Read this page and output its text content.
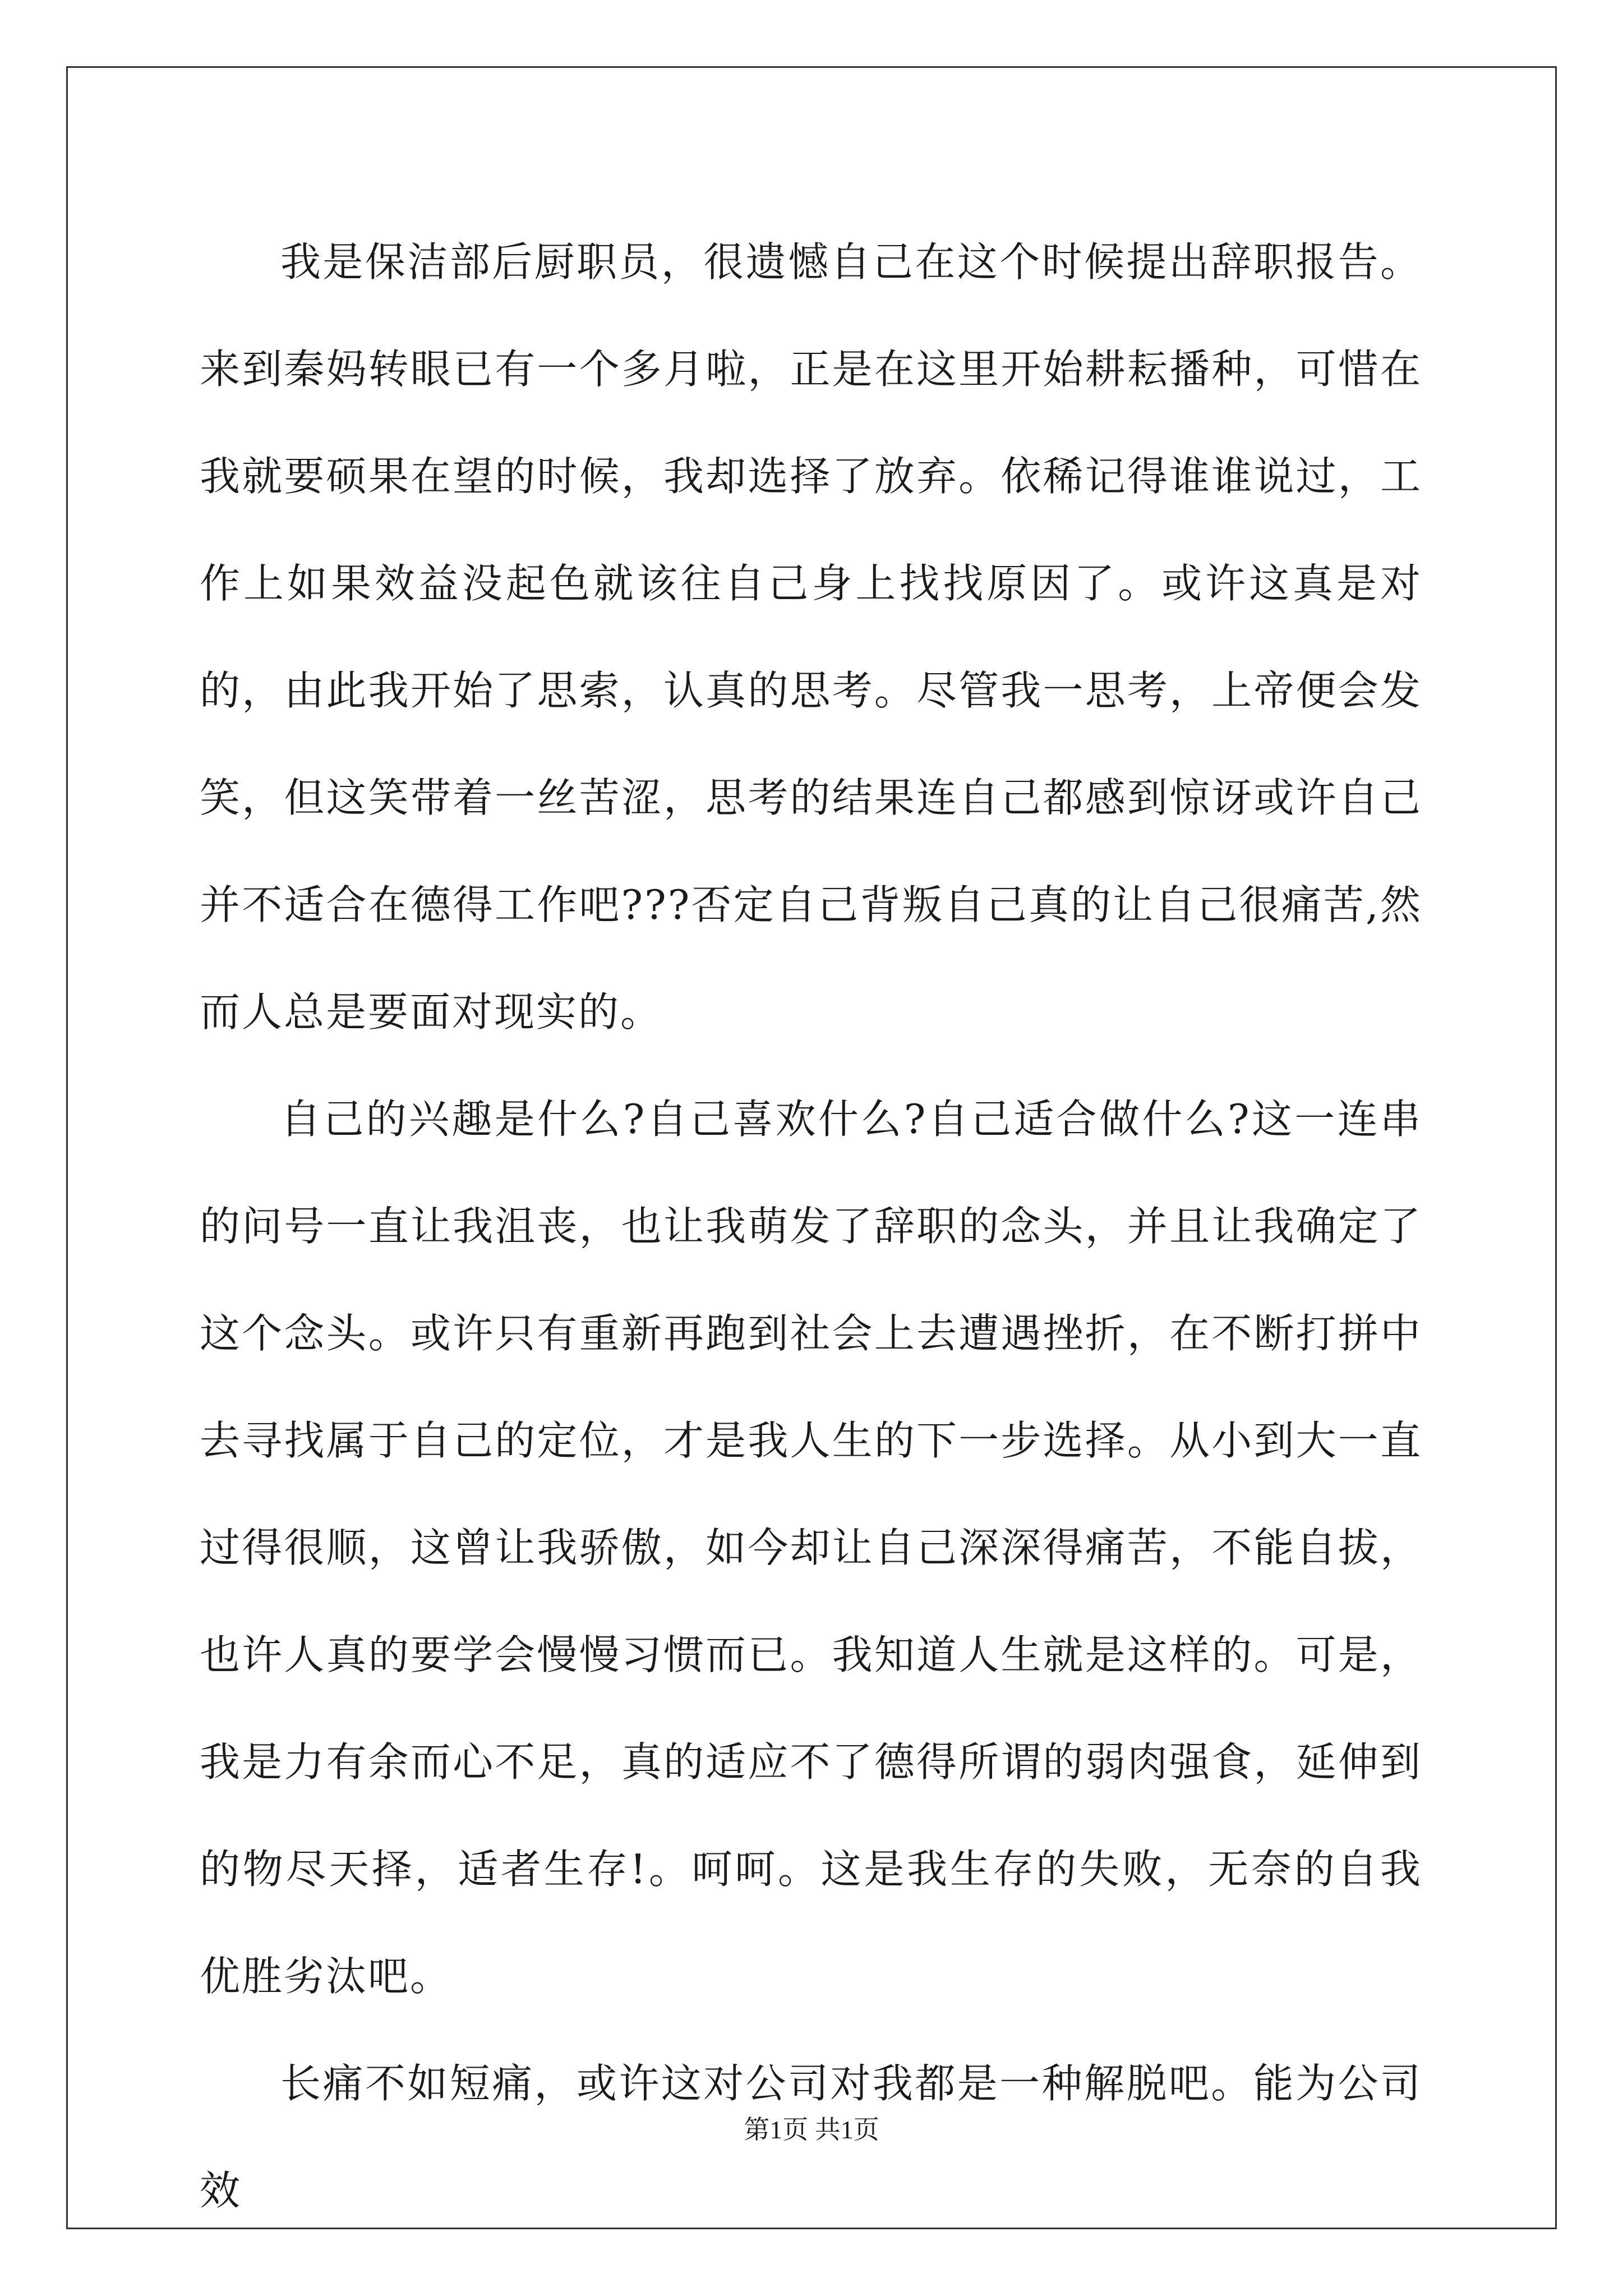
我是保洁部后厨职员，很遗憾自己在这个时候提出辞职报告。来到秦妈转眼已有一个多月啦，正是在这里开始耕耘播种，可惜在我就要硕果在望的时候，我却选择了放弃。依稀记得谁谁说过，工作上如果效益没起色就该往自己身上找找原因了。或许这真是对的，由此我开始了思索，认真的思考。尽管我一思考，上帝便会发笑，但这笑带着一丝苦涩，思考的结果连自己都感到惊讶或许自己并不适合在德得工作吧???否定自己背叛自己真的让自己很痛苦,然而人总是要面对现实的。

自己的兴趣是什么?自己喜欢什么?自己适合做什么?这一连串的问号一直让我沮丧，也让我萌发了辞职的念头，并且让我确定了这个念头。或许只有重新再跑到社会上去遭遇挫折，在不断打拼中去寻找属于自己的定位，才是我人生的下一步选择。从小到大一直过得很顺，这曾让我骄傲，如今却让自己深深得痛苦，不能自拔，也许人真的要学会慢慢习惯而已。我知道人生就是这样的。可是，我是力有余而心不足，真的适应不了德得所谓的弱肉强食，延伸到的物尽天择，适者生存!。呵呵。这是我生存的失败，无奈的自我优胜劣汰吧。

长痛不如短痛，或许这对公司对我都是一种解脱吧。能为公司效

第1页 共1页
